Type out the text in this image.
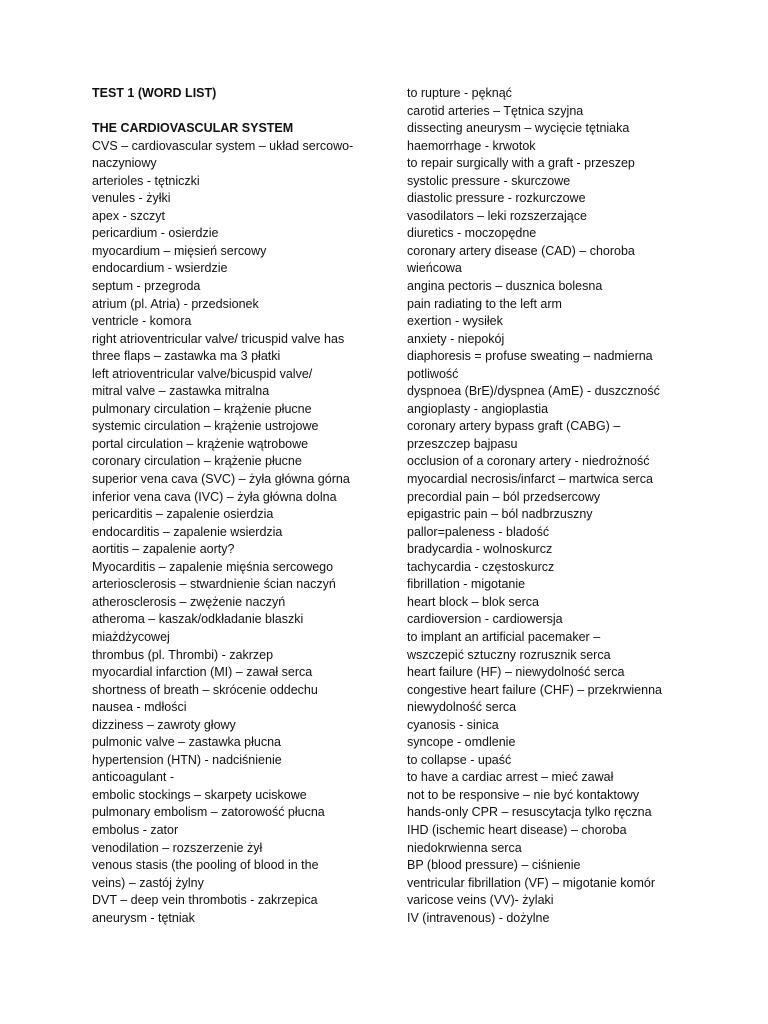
TEST 1 (WORD LIST)
THE CARDIOVASCULAR SYSTEM
CVS – cardiovascular system – układ sercowo-
naczyniowy
arterioles - tętniczki
venules - żyłki
apex - szczyt
pericardium - osierdzie
myocardium – mięsień sercowy
endocardium - wsierdzie
septum - przegroda
atrium (pl. Atria) - przedsionek
ventricle - komora
right atrioventricular valve/ tricuspid valve has
three flaps – zastawka ma 3 płatki
left atrioventricular valve/bicuspid valve/
mitral valve – zastawka mitralna
pulmonary circulation – krążenie płucne
systemic circulation – krążenie ustrojowe
portal circulation – krążenie wątrobowe
coronary circulation – krążenie płucne
superior vena cava (SVC) – żyła główna górna
inferior vena cava (IVC) – żyła główna dolna
pericarditis – zapalenie osierdzia
endocarditis – zapalenie wsierdzia
aortitis – zapalenie aorty?
Myocarditis – zapalenie mięśnia sercowego
arteriosclerosis – stwardnienie ścian naczyń
atherosclerosis – zwężenie naczyń
atheroma – kaszak/odkładanie blaszki
miażdżycowej
thrombus (pl. Thrombi) - zakrzep
myocardial infarction (MI) – zawał serca
shortness of breath – skrócenie oddechu
nausea - mdłości
dizziness – zawroty głowy
pulmonic valve – zastawka płucna
hypertension (HTN) - nadciśnienie
anticoagulant -
embolic stockings – skarpety uciskowe
pulmonary embolism – zatorowość płucna
embolus - zator
venodilation – rozszerzenie żył
venous stasis (the pooling of blood in the
veins) – zastój żylny
DVT – deep vein thrombotis - zakrzepica
aneurysm - tętniak
to rupture - pęknąć
carotid arteries – Tętnica szyjna
dissecting aneurysm – wycięcie tętniaka
haemorrhage - krwotok
to repair surgically with a graft - przeszep
systolic pressure - skurczowe
diastolic pressure - rozkurczowe
vasodilators – leki rozszerzające
diuretics - moczopędne
coronary artery disease (CAD) – choroba
wieńcowa
angina pectoris – dusznica bolesna
pain radiating to the left arm
exertion - wysiłek
anxiety - niepokój
diaphoresis = profuse sweating – nadmierna
potliwość
dyspnoea (BrE)/dyspnea (AmE) - duszczność
angioplasty - angioplastia
coronary artery bypass graft (CABG) –
przeszczep bajpasu
occlusion of a coronary artery - niedrożność
myocardial necrosis/infarct – martwica serca
precordial pain – ból przedsercowy
epigastric pain – ból nadbrzuszny
pallor=paleness - bladość
bradycardia - wolnoskurcz
tachycardia - częstoskurcz
fibrillation - migotanie
heart block – blok serca
cardioversion - cardiowersja
to implant an artificial pacemaker –
wszczepić sztuczny rozrusznik serca
heart failure (HF) – niewydolność serca
congestive heart failure (CHF) – przekrwienna
niewydolność serca
cyanosis - sinica
syncope - omdlenie
to collapse - upaść
to have a cardiac arrest – mieć zawał
not to be responsive – nie być kontaktowy
hands-only CPR – resuscytacja tylko ręczna
IHD (ischemic heart disease) – choroba
niedokrwienna serca
BP (blood pressure) – ciśnienie
ventricular fibrillation (VF) – migotanie komór
varicose veins (VV)- żylaki
IV (intravenous) - dożylne
